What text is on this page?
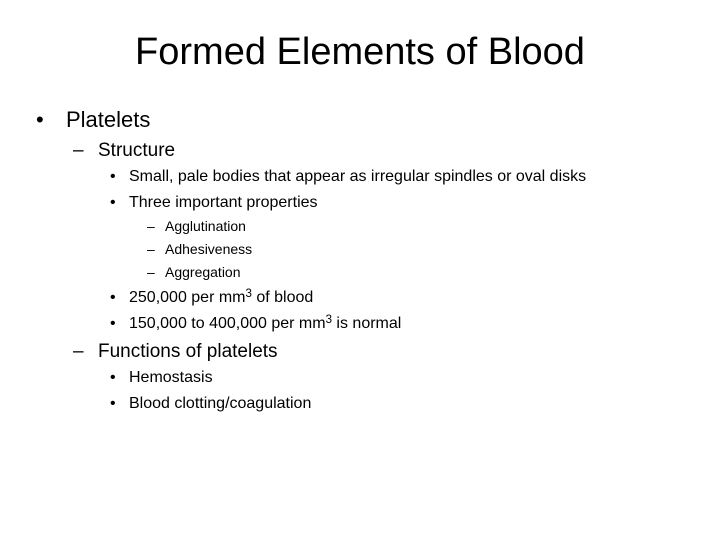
Formed Elements of Blood
• Platelets
– Structure
• Small, pale bodies that appear as irregular spindles or oval disks
• Three important properties
– Agglutination
– Adhesiveness
– Aggregation
• 250,000 per $mm^3$ of blood
• 150,000 to 400,000 per $mm^3$ is normal
– Functions of platelets
• Hemostasis
• Blood clotting/coagulation
